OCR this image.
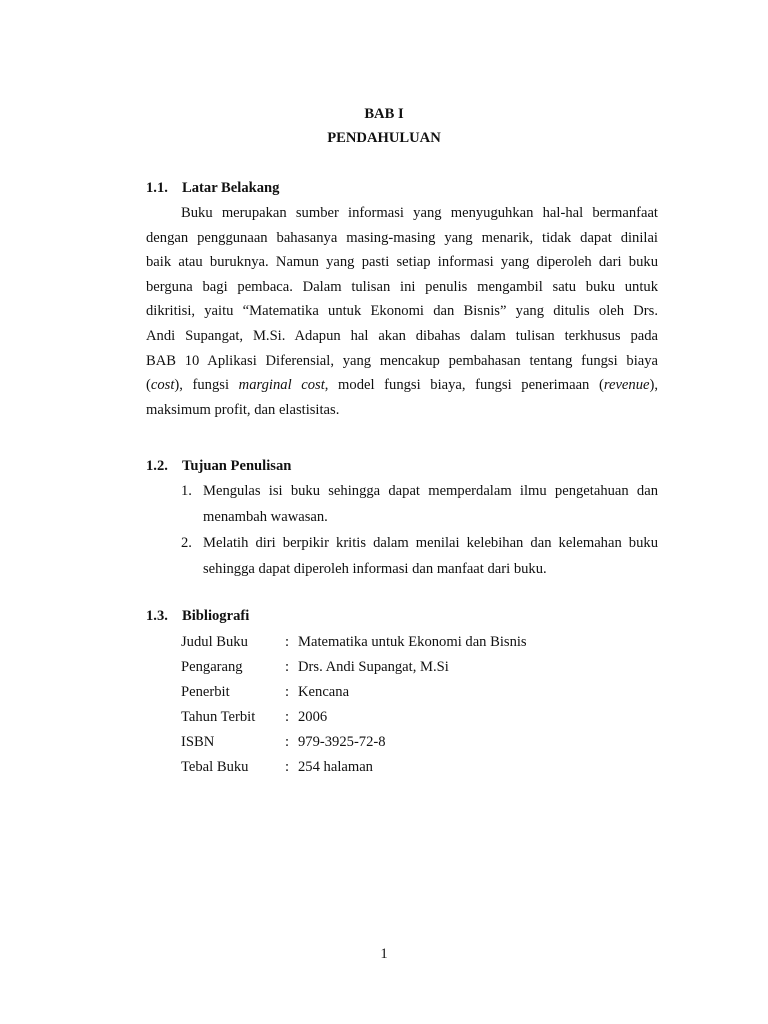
BAB I
PENDAHULUAN
1.1. Latar Belakang
Buku merupakan sumber informasi yang menyuguhkan hal-hal bermanfaat
dengan penggunaan bahasanya masing-masing yang menarik, tidak dapat dinilai
baik atau buruknya. Namun yang pasti setiap informasi yang diperoleh dari buku
berguna bagi pembaca. Dalam tulisan ini penulis mengambil satu buku untuk
dikritisi, yaitu “Matematika untuk Ekonomi dan Bisnis” yang ditulis oleh Drs.
Andi Supangat, M.Si. Adapun hal akan dibahas dalam tulisan terkhusus pada
BAB 10 Aplikasi Diferensial, yang mencakup pembahasan tentang fungsi biaya
(cost), fungsi marginal cost, model fungsi biaya, fungsi penerimaan (revenue),
maksimum profit, dan elastisitas.
1.2. Tujuan Penulisan
1. Mengulas isi buku sehingga dapat memperdalam ilmu pengetahuan dan
menambah wawasan.
2. Melatih diri berpikir kritis dalam menilai kelebihan dan kelemahan buku
sehingga dapat diperoleh informasi dan manfaat dari buku.
1.3. Bibliografi
Judul Buku	: Matematika untuk Ekonomi dan Bisnis
Pengarang	: Drs. Andi Supangat, M.Si
Penerbit	: Kencana
Tahun Terbit	: 2006
ISBN	: 979-3925-72-8
Tebal Buku	: 254 halaman
1
